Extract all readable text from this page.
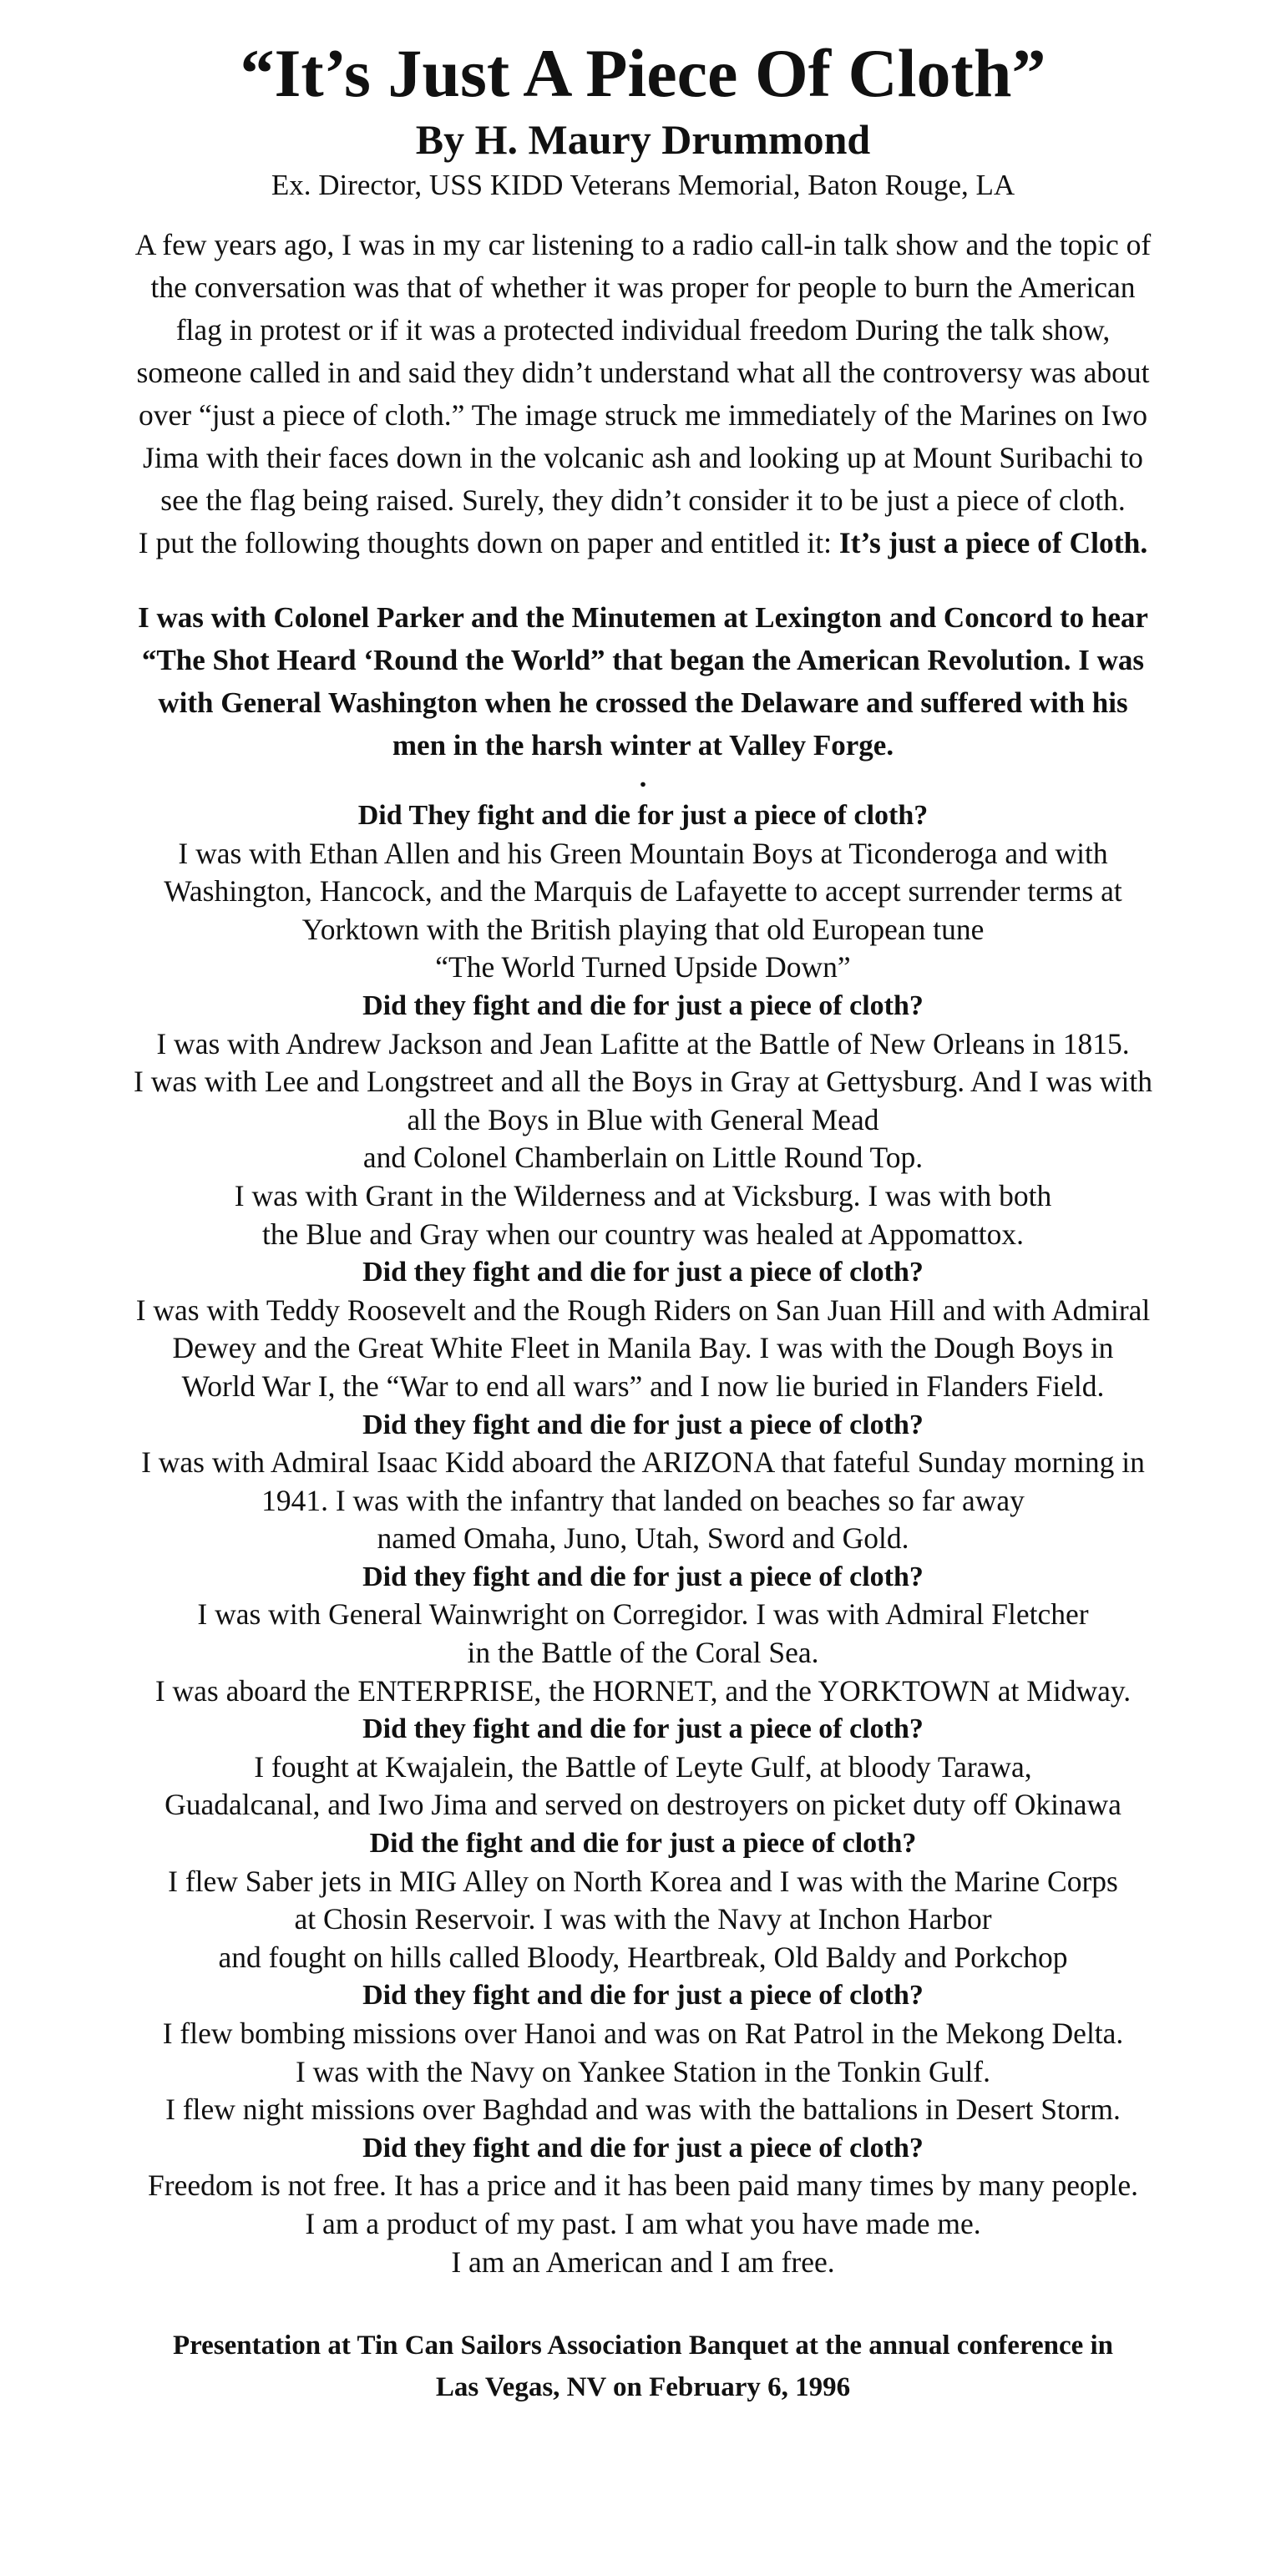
“It’s Just A Piece Of Cloth”
By H. Maury Drummond
Ex. Director, USS KIDD Veterans Memorial, Baton Rouge, LA

A few years ago, I was in my car listening to a radio call-in talk show and the topic of

the conversation was that of whether it was proper for people to burn the American

flag in protest or if it was a protected individual freedom During the talk show,

someone called in and said they didn’t understand what all the controversy was about

over “just a piece of cloth.” The image struck me immediately of the Marines on Iwo

Jima with their faces down in the volcanic ash and looking up at Mount Suribachi to

see the flag being raised. Surely, they didn’t consider it to be just a piece of cloth.

I put the following thoughts down on paper and entitled it: It’s just a piece of Cloth.

I was with Colonel Parker and the Minutemen at Lexington and Concord to hear

“The Shot Heard ‘Round the World” that began the American Revolution. I was

with General Washington when he crossed the Delaware and suffered with his

men in the harsh winter at Valley Forge.

.

Did They fight and die for just a piece of cloth?

I was with Ethan Allen and his Green Mountain Boys at Ticonderoga and with

Washington, Hancock, and the Marquis de Lafayette to accept surrender terms at

Yorktown with the British playing that old European tune

“The World Turned Upside Down”

Did they fight and die for just a piece of cloth?

I was with Andrew Jackson and Jean Lafitte at the Battle of New Orleans in 1815.

I was with Lee and Longstreet and all the Boys in Gray at Gettysburg. And I was with

all the Boys in Blue with General Mead

and Colonel Chamberlain on Little Round Top.

I was with Grant in the Wilderness and at Vicksburg. I was with both

the Blue and Gray when our country was healed at Appomattox.

Did they fight and die for just a piece of cloth?

I was with Teddy Roosevelt and the Rough Riders on San Juan Hill and with Admiral

Dewey and the Great White Fleet in Manila Bay. I was with the Dough Boys in

World War I, the “War to end all wars” and I now lie buried in Flanders Field.

Did they fight and die for just a piece of cloth?

I was with Admiral Isaac Kidd aboard the ARIZONA that fateful Sunday morning in

1941. I was with the infantry that landed on beaches so far away

named Omaha, Juno, Utah, Sword and Gold.

Did they fight and die for just a piece of cloth?

I was with General Wainwright on Corregidor. I was with Admiral Fletcher

in the Battle of the Coral Sea.

I was aboard the ENTERPRISE, the HORNET, and the YORKTOWN at Midway.

Did they fight and die for just a piece of cloth?

I fought at Kwajalein, the Battle of Leyte Gulf, at bloody Tarawa,

Guadalcanal, and Iwo Jima and served on destroyers on picket duty off Okinawa

Did the fight and die for just a piece of cloth?

I flew Saber jets in MIG Alley on North Korea and I was with the Marine Corps

at Chosin Reservoir. I was with the Navy at Inchon Harbor

and fought on hills called Bloody, Heartbreak, Old Baldy and Porkchop

Did they fight and die for just a piece of cloth?

I flew bombing missions over Hanoi and was on Rat Patrol in the Mekong Delta.

I was with the Navy on Yankee Station in the Tonkin Gulf.

I flew night missions over Baghdad and was with the battalions in Desert Storm.

Did they fight and die for just a piece of cloth?

Freedom is not free. It has a price and it has been paid many times by many people.

I am a product of my past. I am what you have made me.

I am an American and I am free.

Presentation at Tin Can Sailors Association Banquet at the annual conference in

Las Vegas, NV on February 6, 1996
